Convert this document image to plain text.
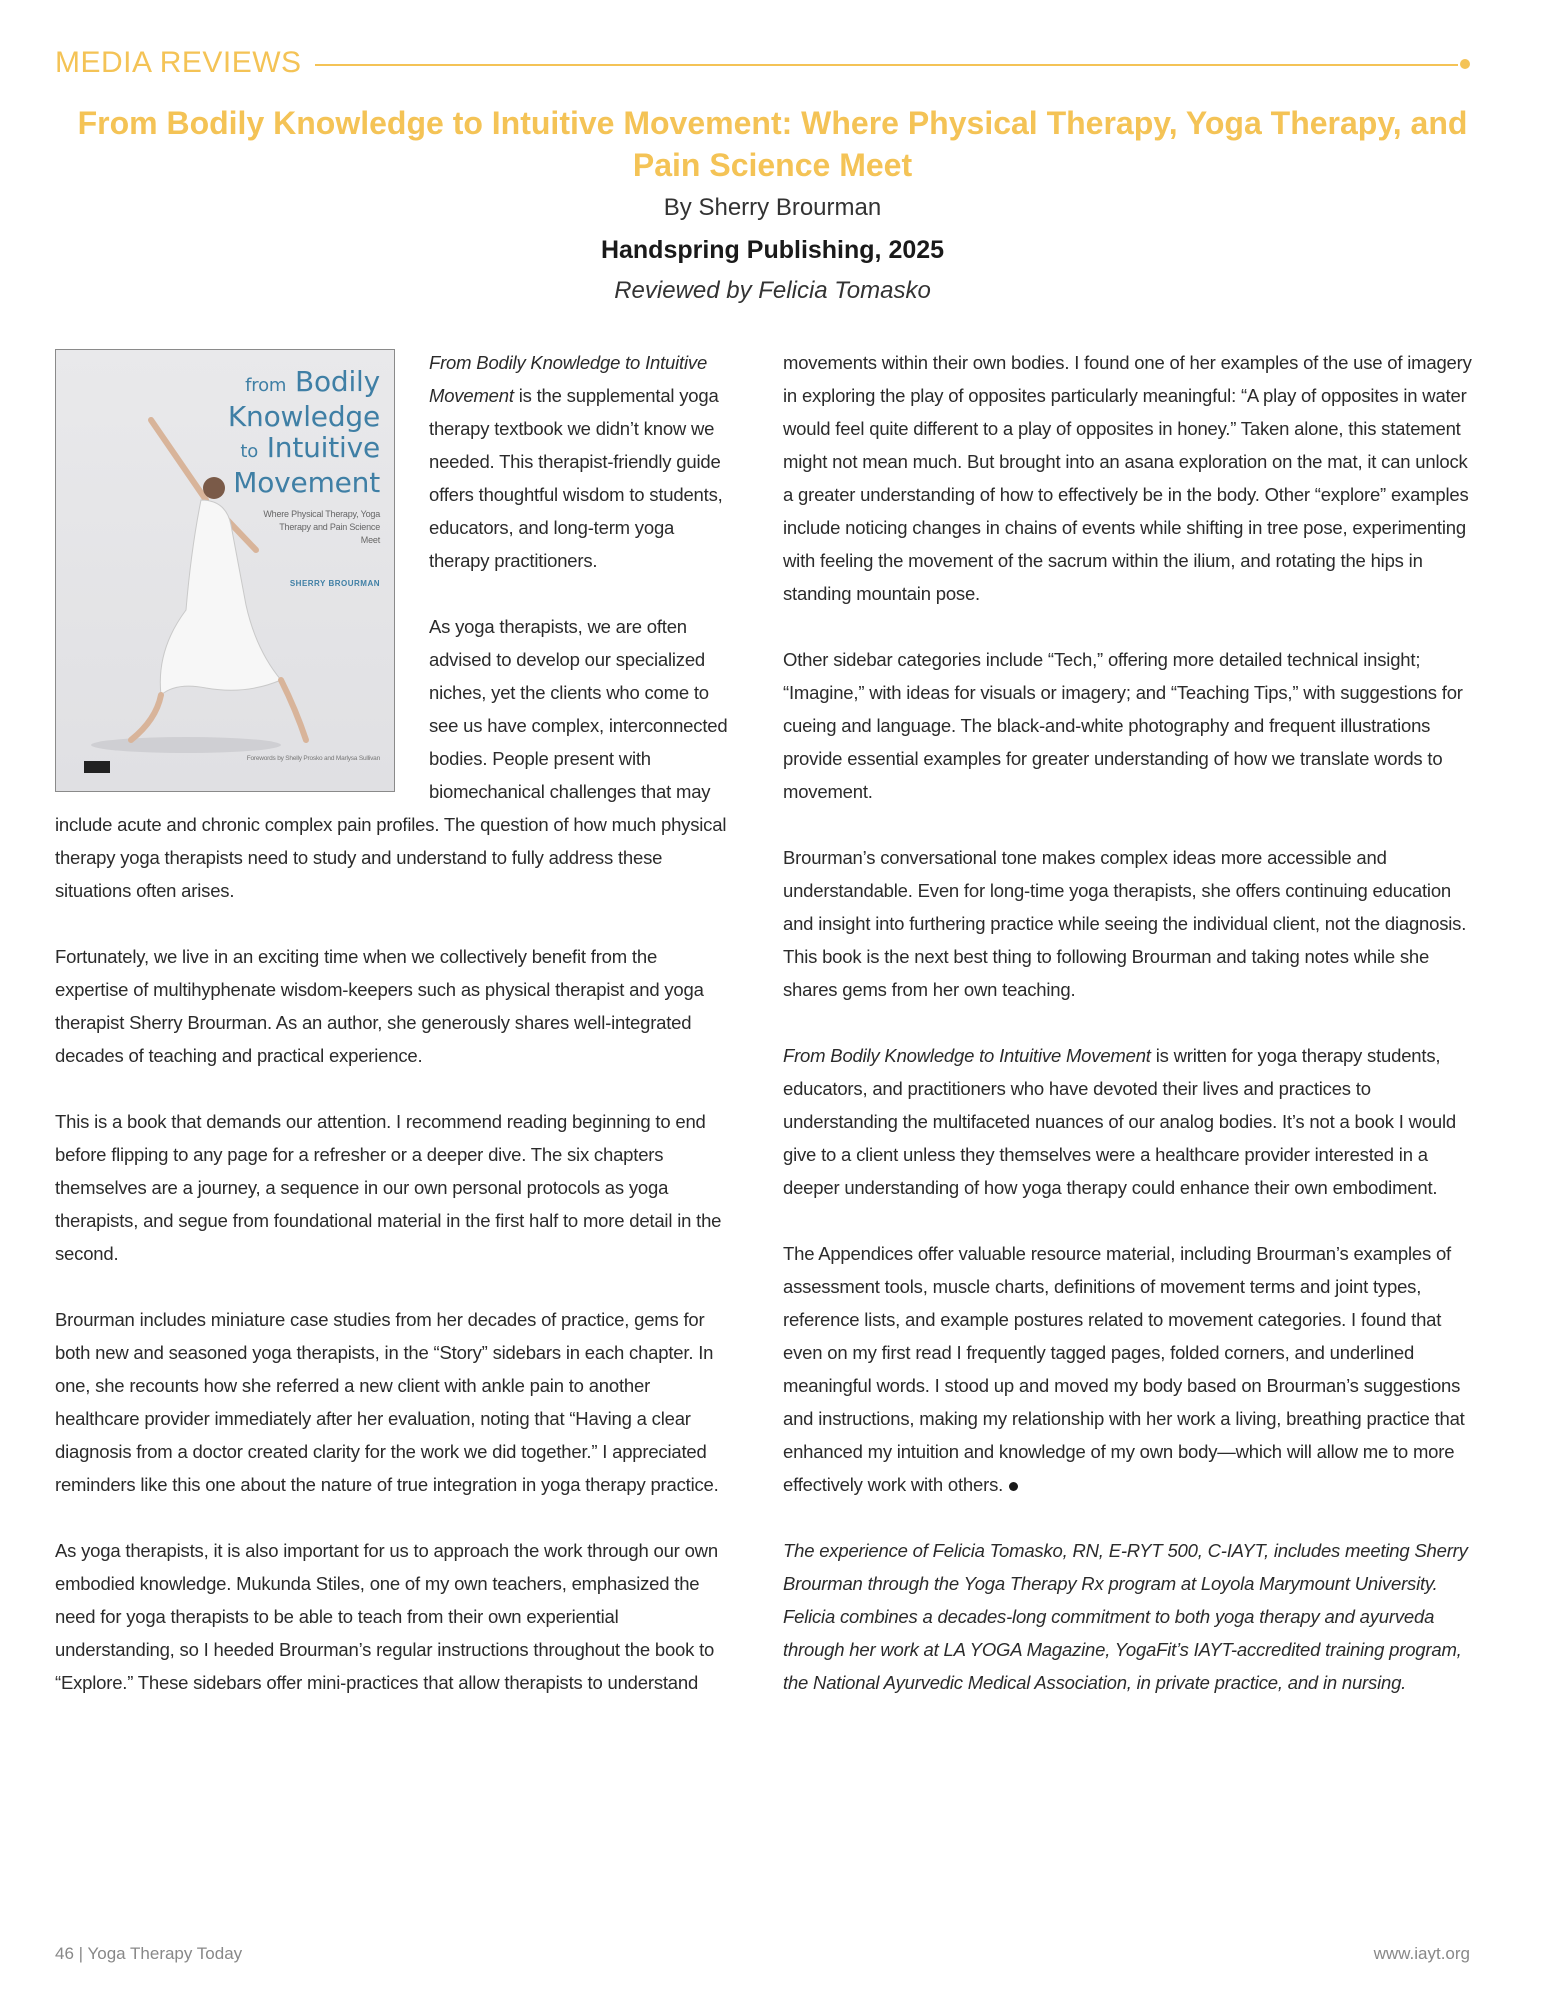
MEDIA REVIEWS
From Bodily Knowledge to Intuitive Movement: Where Physical Therapy, Yoga Therapy, and Pain Science Meet
By Sherry Brourman
Handspring Publishing, 2025
Reviewed by Felicia Tomasko
from Bodily
Knowledge
to Intuitive
Movement
Where Physical Therapy, Yoga Therapy and Pain Science Meet
SHERRY BROURMAN
Forewords by Shelly Prosko and Marlysa Sullivan

From Bodily Knowledge to Intuitive Movement is the supplemental yoga therapy textbook we didn’t know we needed. This therapist-friendly guide offers thoughtful wisdom to students, educators, and long-term yoga therapy practitioners.

As yoga therapists, we are often advised to develop our specialized niches, yet the clients who come to see us have complex, interconnected bodies. People present with biomechanical challenges that may include acute and chronic complex pain profiles. The question of how much physical therapy yoga therapists need to study and understand to fully address these situations often arises.

Fortunately, we live in an exciting time when we collectively benefit from the expertise of multihyphenate wisdom-keepers such as physical therapist and yoga therapist Sherry Brourman. As an author, she generously shares well-integrated decades of teaching and practical experience.

This is a book that demands our attention. I recommend reading beginning to end before flipping to any page for a refresher or a deeper dive. The six chapters themselves are a journey, a sequence in our own personal protocols as yoga therapists, and segue from foundational material in the first half to more detail in the second.

Brourman includes miniature case studies from her decades of practice, gems for both new and seasoned yoga therapists, in the “Story” sidebars in each chapter. In one, she recounts how she referred a new client with ankle pain to another healthcare provider immediately after her evaluation, noting that “Having a clear diagnosis from a doctor created clarity for the work we did together.” I appreciated reminders like this one about the nature of true integration in yoga therapy practice.

As yoga therapists, it is also important for us to approach the work through our own embodied knowledge. Mukunda Stiles, one of my own teachers, emphasized the need for yoga therapists to be able to teach from their own experiential understanding, so I heeded Brourman’s regular instructions throughout the book to “Explore.” These sidebars offer mini-practices that allow therapists to understand

movements within their own bodies. I found one of her examples of the use of imagery in exploring the play of opposites particularly meaningful: “A play of opposites in water would feel quite different to a play of opposites in honey.” Taken alone, this statement might not mean much. But brought into an asana exploration on the mat, it can unlock a greater understanding of how to effectively be in the body. Other “explore” examples include noticing changes in chains of events while shifting in tree pose, experimenting with feeling the movement of the sacrum within the ilium, and rotating the hips in standing mountain pose.

Other sidebar categories include “Tech,” offering more detailed technical insight; “Imagine,” with ideas for visuals or imagery; and “Teaching Tips,” with suggestions for cueing and language. The black-and-white photography and frequent illustrations provide essential examples for greater understanding of how we translate words to movement.

Brourman’s conversational tone makes complex ideas more accessible and understandable. Even for long-time yoga therapists, she offers continuing education and insight into furthering practice while seeing the individual client, not the diagnosis. This book is the next best thing to following Brourman and taking notes while she shares gems from her own teaching.

From Bodily Knowledge to Intuitive Movement is written for yoga therapy students, educators, and practitioners who have devoted their lives and practices to understanding the multifaceted nuances of our analog bodies. It’s not a book I would give to a client unless they themselves were a healthcare provider interested in a deeper understanding of how yoga therapy could enhance their own embodiment.

The Appendices offer valuable resource material, including Brourman’s examples of assessment tools, muscle charts, definitions of movement terms and joint types, reference lists, and example postures related to movement categories. I found that even on my first read I frequently tagged pages, folded corners, and underlined meaningful words. I stood up and moved my body based on Brourman’s suggestions and instructions, making my relationship with her work a living, breathing practice that enhanced my intuition and knowledge of my own body—which will allow me to more effectively work with others.

The experience of Felicia Tomasko, RN, E-RYT 500, C-IAYT, includes meeting Sherry Brourman through the Yoga Therapy Rx program at Loyola Marymount University. Felicia combines a decades-long commitment to both yoga therapy and ayurveda through her work at LA YOGA Magazine, YogaFit’s IAYT-accredited training program, the National Ayurvedic Medical Association, in private practice, and in nursing.

46 | Yoga Therapy Today	www.iayt.org
